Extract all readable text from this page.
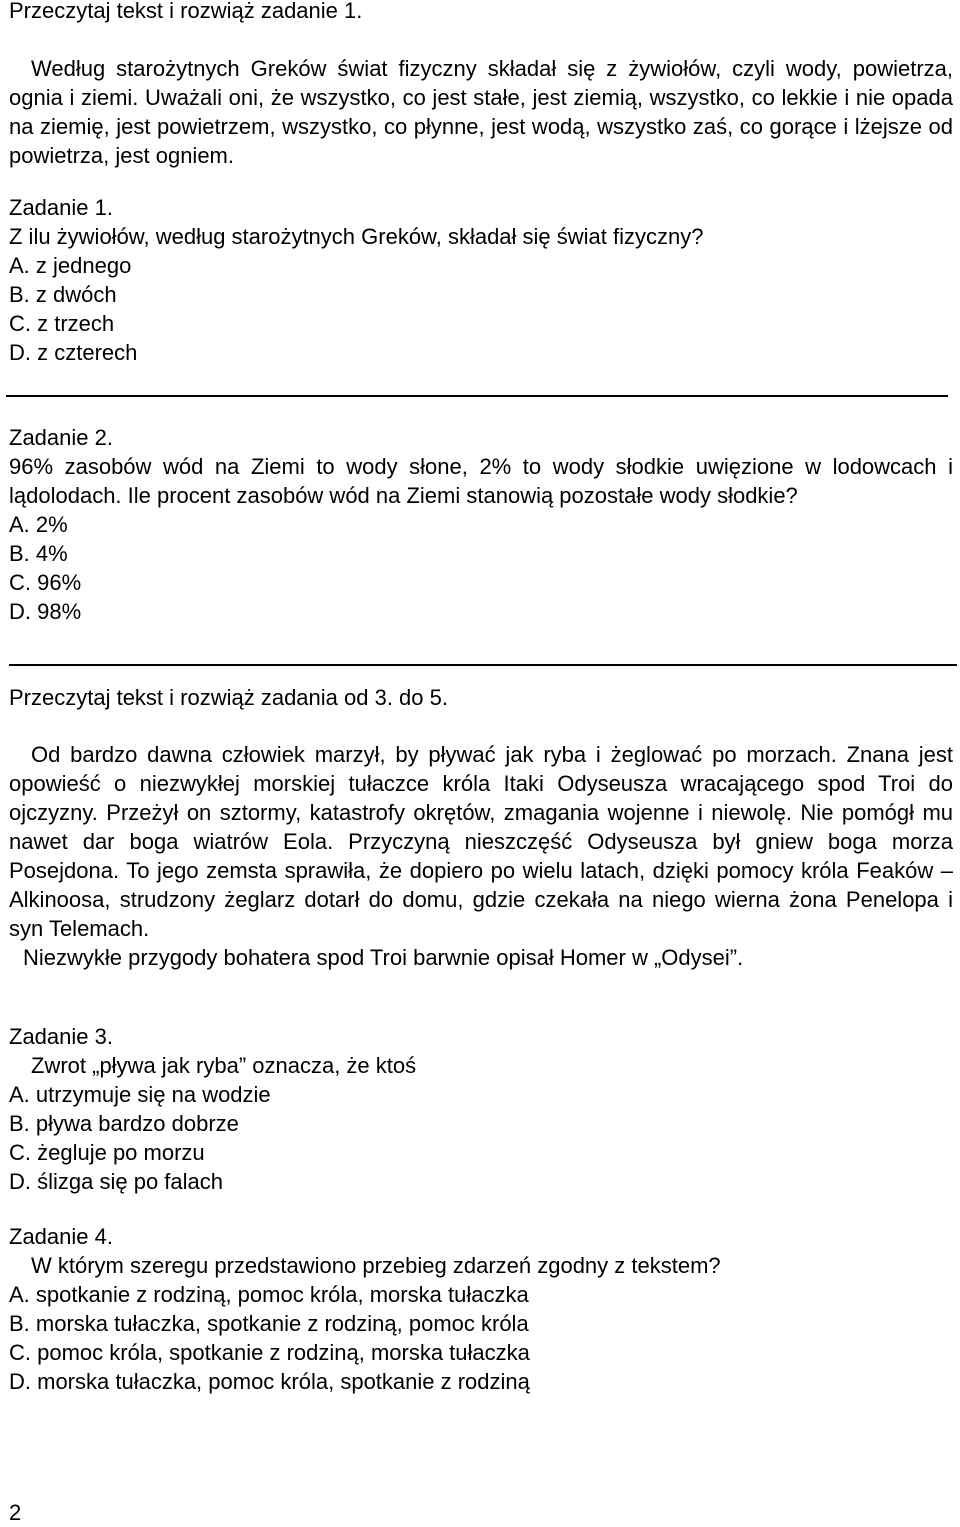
Przeczytaj tekst i rozwiąż zadanie 1.

Według starożytnych Greków świat fizyczny składał się z żywiołów, czyli wody, powietrza, ognia i ziemi. Uważali oni, że wszystko, co jest stałe, jest ziemią, wszystko, co lekkie i nie opada na ziemię, jest powietrzem, wszystko, co płynne, jest wodą, wszystko zaś, co gorące i lżejsze od powietrza, jest ogniem.

Zadanie 1.

Z ilu żywiołów, według starożytnych Greków, składał się świat fizyczny?

A. z jednego
B. z dwóch
C. z trzech
D. z czterech

Zadanie 2.

96% zasobów wód na Ziemi to wody słone, 2% to wody słodkie uwięzione w lodowcach i lądolodach. Ile procent zasobów wód na Ziemi stanowią pozostałe wody słodkie?

A. 2%
B. 4%
C. 96%
D. 98%

Przeczytaj tekst i rozwiąż zadania od 3. do 5.

Od bardzo dawna człowiek marzył, by pływać jak ryba i żeglować po morzach. Znana jest opowieść o niezwykłej morskiej tułaczce króla Itaki Odyseusza wracającego spod Troi do ojczyzny. Przeżył on sztormy, katastrofy okrętów, zmagania wojenne i niewolę. Nie pomógł mu nawet dar boga wiatrów Eola. Przyczyną nieszczęść Odyseusza był gniew boga morza Posejdona. To jego zemsta sprawiła, że dopiero po wielu latach, dzięki pomocy króla Feaków – Alkinoosa, strudzony żeglarz dotarł do domu, gdzie czekała na niego wierna żona Penelopa i syn Telemach.

Niezwykłe przygody bohatera spod Troi barwnie opisał Homer w „Odysei”.

Zadanie 3.

Zwrot „pływa jak ryba” oznacza, że ktoś

A. utrzymuje się na wodzie
B. pływa bardzo dobrze
C. żegluje po morzu
D. ślizga się po falach

Zadanie 4.

W którym szeregu przedstawiono przebieg zdarzeń zgodny z tekstem?

A. spotkanie z rodziną, pomoc króla, morska tułaczka
B. morska tułaczka, spotkanie z rodziną, pomoc króla
C. pomoc króla, spotkanie z rodziną, morska tułaczka
D. morska tułaczka, pomoc króla, spotkanie z rodziną
2
